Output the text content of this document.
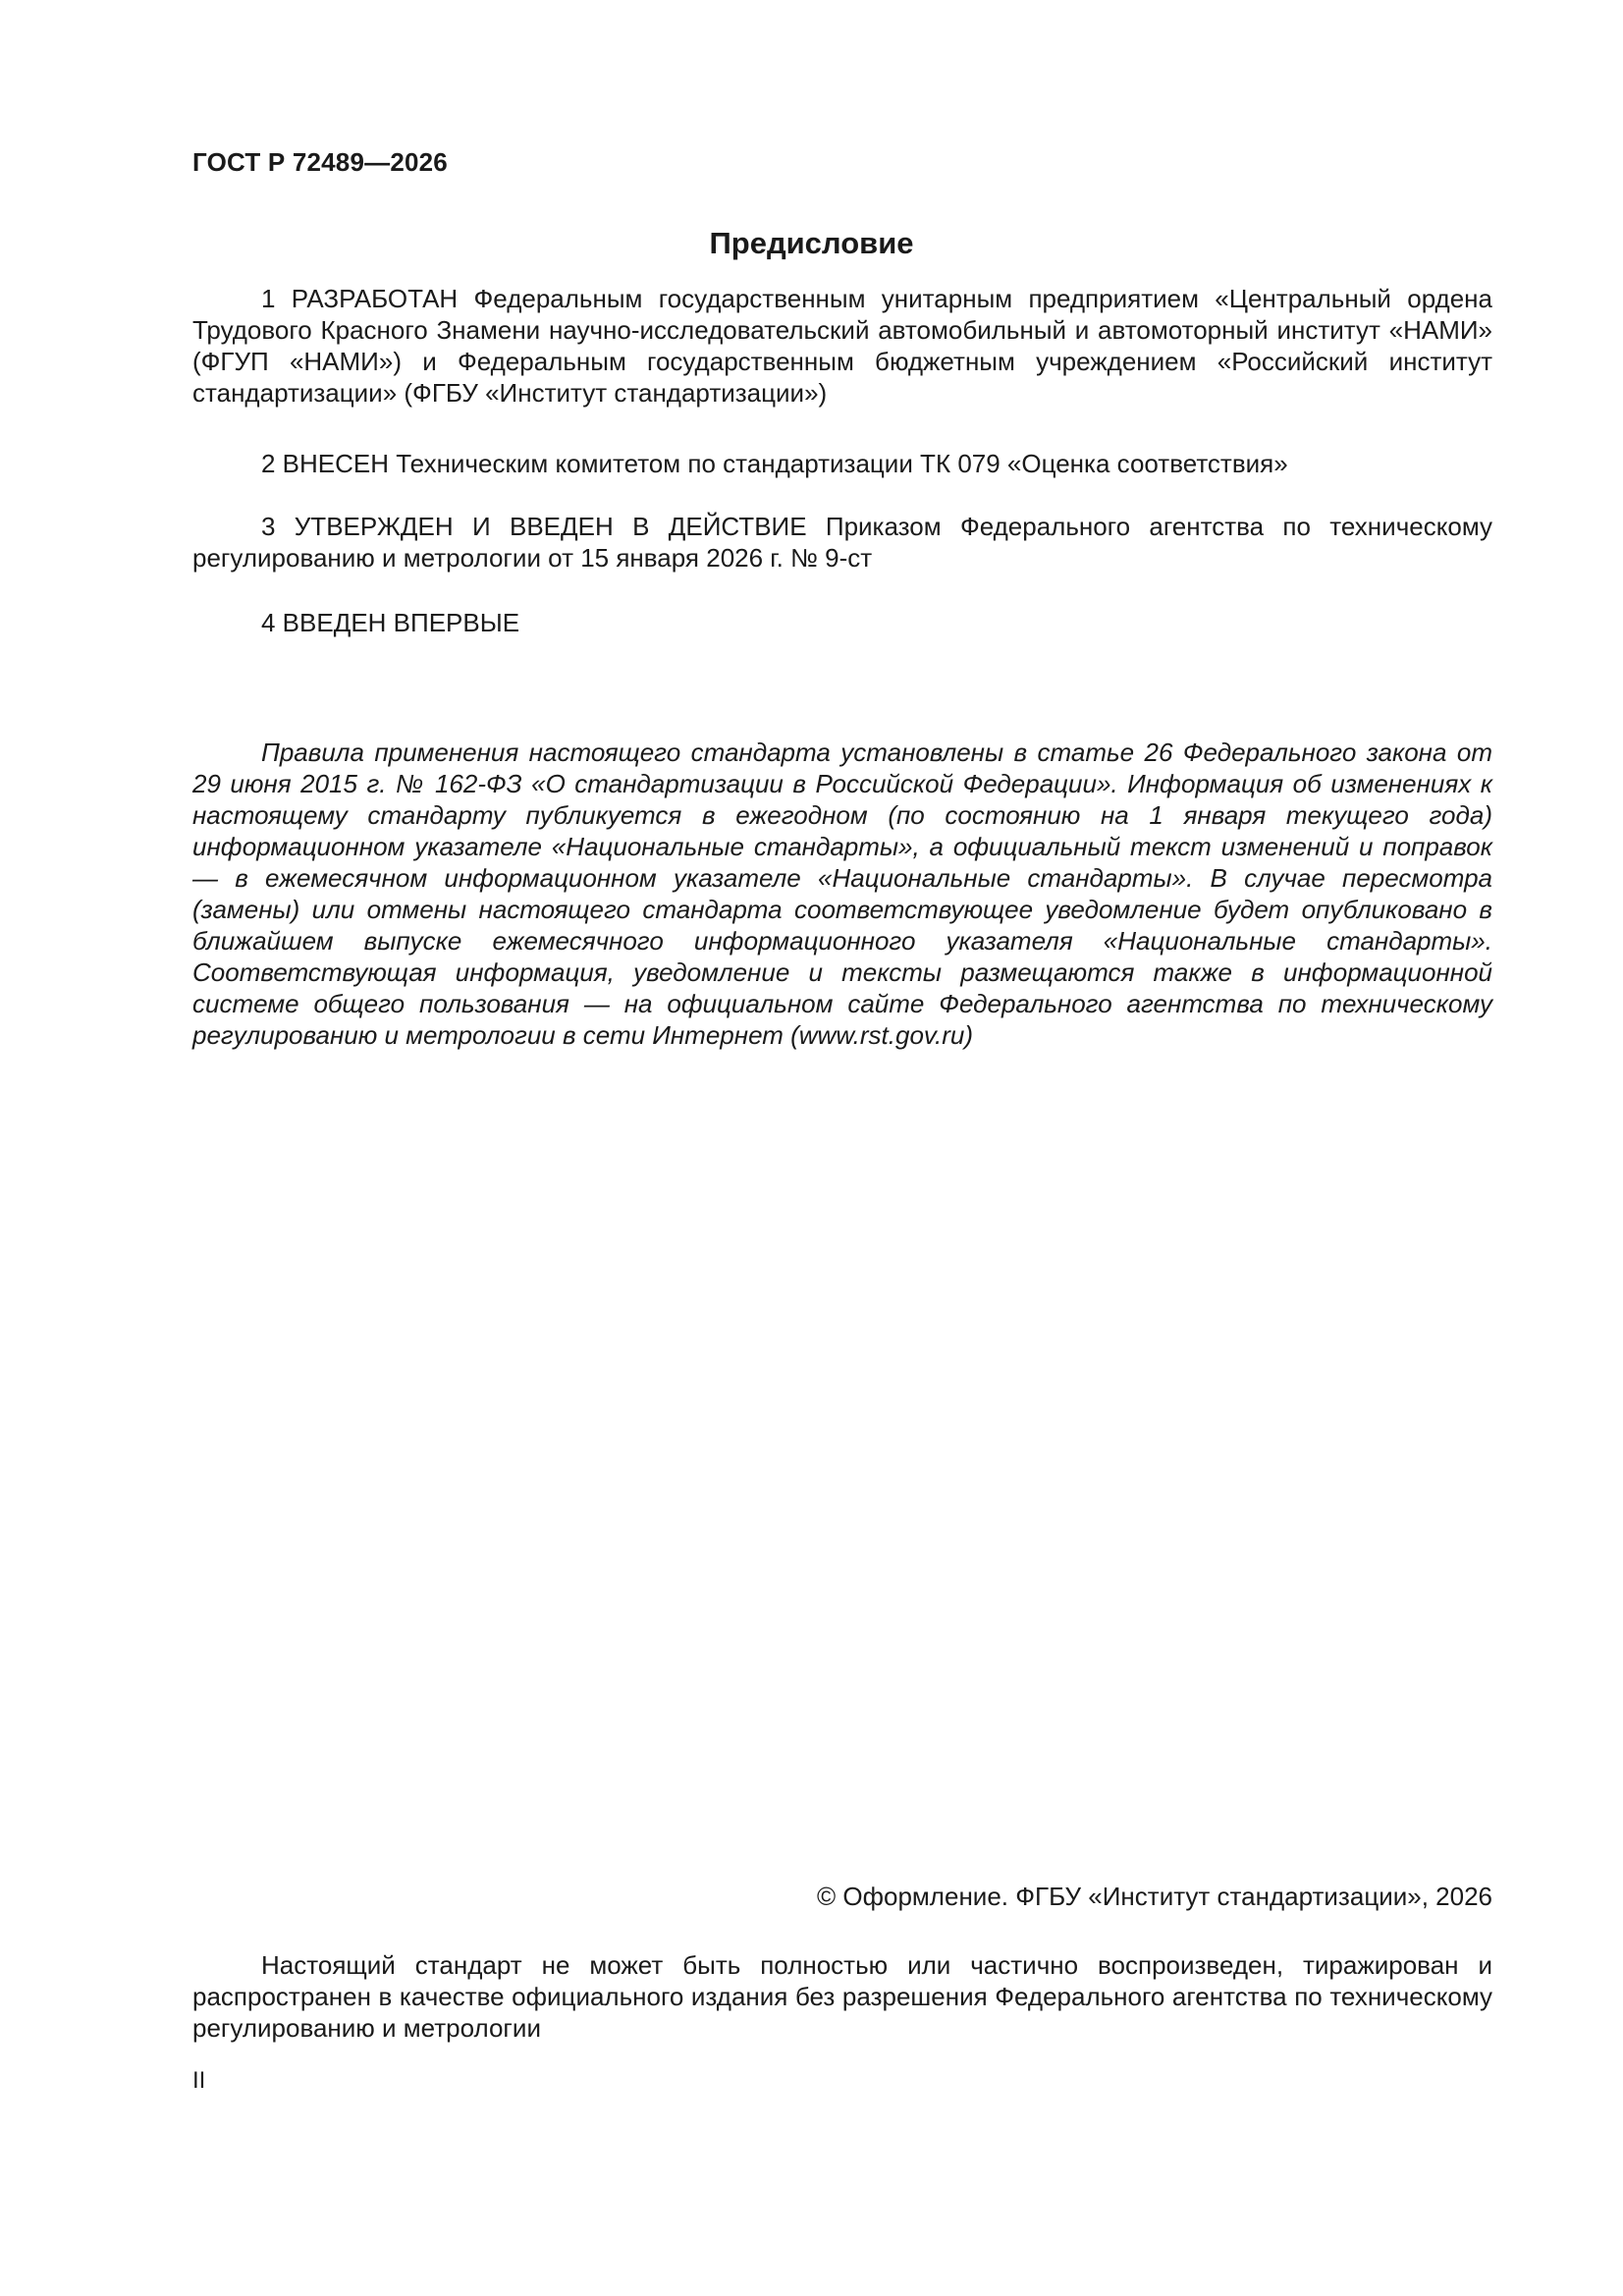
ГОСТ Р 72489—2026
Предисловие

1 РАЗРАБОТАН Федеральным государственным унитарным предприятием «Центральный ордена Трудового Красного Знамени научно-исследовательский автомобильный и автомоторный институт «НАМИ» (ФГУП «НАМИ») и Федеральным государственным бюджетным учреждением «Российский институт стандартизации» (ФГБУ «Институт стандартизации»)

2 ВНЕСЕН Техническим комитетом по стандартизации ТК 079 «Оценка соответствия»

3 УТВЕРЖДЕН И ВВЕДЕН В ДЕЙСТВИЕ Приказом Федерального агентства по техническому регулированию и метрологии от 15 января 2026 г. № 9-ст

4 ВВЕДЕН ВПЕРВЫЕ

Правила применения настоящего стандарта установлены в статье 26 Федерального закона от 29 июня 2015 г. № 162-ФЗ «О стандартизации в Российской Федерации». Информация об изменениях к настоящему стандарту публикуется в ежегодном (по состоянию на 1 января текущего года) информационном указателе «Национальные стандарты», а официальный текст изменений и поправок — в ежемесячном информационном указателе «Национальные стандарты». В случае пересмотра (замены) или отмены настоящего стандарта соответствующее уведомление будет опубликовано в ближайшем выпуске ежемесячного информационного указателя «Национальные стандарты». Соответствующая информация, уведомление и тексты размещаются также в информационной системе общего пользования — на официальном сайте Федерального агентства по техническому регулированию и метрологии в сети Интернет (www.rst.gov.ru)

© Оформление. ФГБУ «Институт стандартизации», 2026

Настоящий стандарт не может быть полностью или частично воспроизведен, тиражирован и распространен в качестве официального издания без разрешения Федерального агентства по техническому регулированию и метрологии

II
